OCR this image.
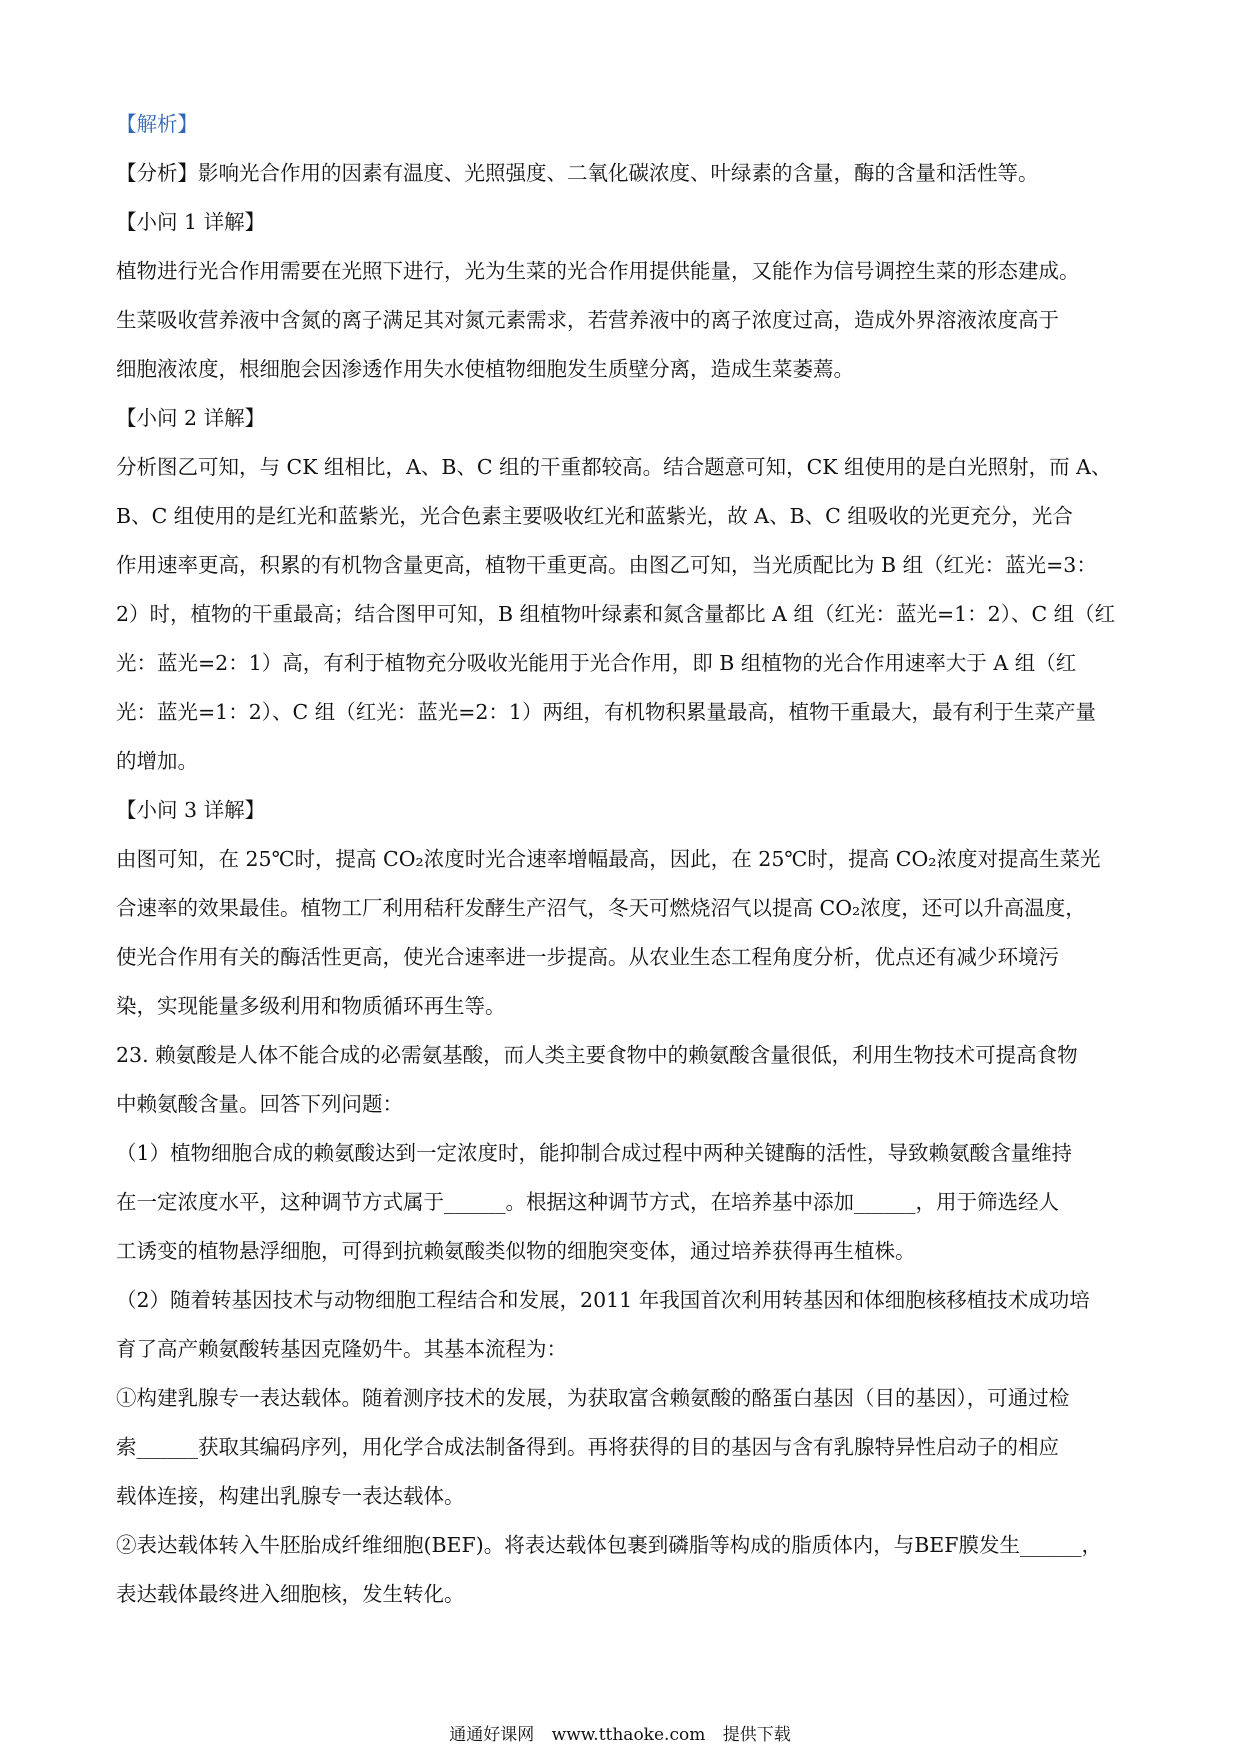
【解析】

【分析】影响光合作用的因素有温度、光照强度、二氧化碳浓度、叶绿素的含量，酶的含量和活性等。

【小问 1 详解】

植物进行光合作用需要在光照下进行，光为生菜的光合作用提供能量，又能作为信号调控生菜的形态建成。
生菜吸收营养液中含氮的离子满足其对氮元素需求，若营养液中的离子浓度过高，造成外界溶液浓度高于
细胞液浓度，根细胞会因渗透作用失水使植物细胞发生质壁分离，造成生菜萎蔫。

【小问 2 详解】

分析图乙可知，与 CK 组相比，A、B、C 组的干重都较高。结合题意可知，CK 组使用的是白光照射，而 A、
B、C 组使用的是红光和蓝紫光，光合色素主要吸收红光和蓝紫光，故 A、B、C 组吸收的光更充分，光合
作用速率更高，积累的有机物含量更高，植物干重更高。由图乙可知，当光质配比为 B 组（红光：蓝光=3：
2）时，植物的干重最高；结合图甲可知，B 组植物叶绿素和氮含量都比 A 组（红光：蓝光=1：2）、C 组（红
光：蓝光=2：1）高，有利于植物充分吸收光能用于光合作用，即 B 组植物的光合作用速率大于 A 组（红
光：蓝光=1：2）、C 组（红光：蓝光=2：1）两组，有机物积累量最高，植物干重最大，最有利于生菜产量
的增加。

【小问 3 详解】

由图可知，在 25℃时，提高 CO₂浓度时光合速率增幅最高，因此，在 25℃时，提高 CO₂浓度对提高生菜光
合速率的效果最佳。植物工厂利用秸秆发酵生产沼气，冬天可燃烧沼气以提高 CO₂浓度，还可以升高温度，
使光合作用有关的酶活性更高，使光合速率进一步提高。从农业生态工程角度分析，优点还有减少环境污
染，实现能量多级利用和物质循环再生等。

23. 赖氨酸是人体不能合成的必需氨基酸，而人类主要食物中的赖氨酸含量很低，利用生物技术可提高食物
中赖氨酸含量。回答下列问题：

（1）植物细胞合成的赖氨酸达到一定浓度时，能抑制合成过程中两种关键酶的活性，导致赖氨酸含量维持
在一定浓度水平，这种调节方式属于______。根据这种调节方式，在培养基中添加______，用于筛选经人
工诱变的植物悬浮细胞，可得到抗赖氨酸类似物的细胞突变体，通过培养获得再生植株。

（2）随着转基因技术与动物细胞工程结合和发展，2011 年我国首次利用转基因和体细胞核移植技术成功培
育了高产赖氨酸转基因克隆奶牛。其基本流程为：

①构建乳腺专一表达载体。随着测序技术的发展，为获取富含赖氨酸的酪蛋白基因（目的基因），可通过检
索______获取其编码序列，用化学合成法制备得到。再将获得的目的基因与含有乳腺特异性启动子的相应
载体连接，构建出乳腺专一表达载体。

②表达载体转入牛胚胎成纤维细胞(BEF)。将表达载体包裹到磷脂等构成的脂质体内，与BEF膜发生______，
表达载体最终进入细胞核，发生转化。

通通好课网 www.tthaoke.com 提供下载
